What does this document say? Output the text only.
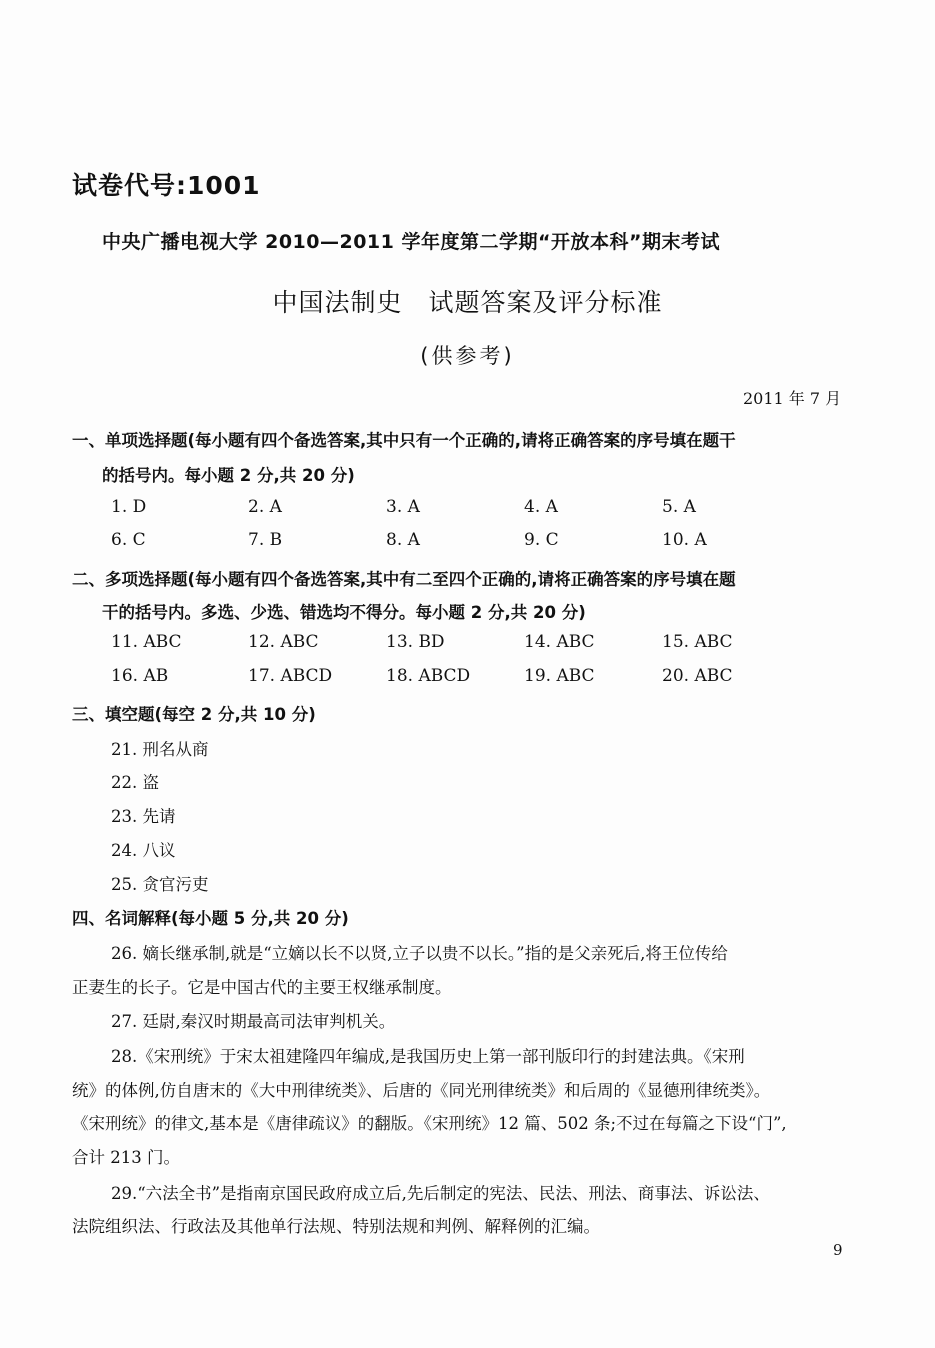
试卷代号:1001
中央广播电视大学 2010—2011 学年度第二学期“开放本科”期末考试
中国法制史　试题答案及评分标准
(供参考)
2011 年 7 月
一、单项选择题(每小题有四个备选答案,其中只有一个正确的,请将正确答案的序号填在题干
的括号内。每小题 2 分,共 20 分)
1. D	2. A	3. A	4. A	5. A
6. C	7. B	8. A	9. C	10. A
二、多项选择题(每小题有四个备选答案,其中有二至四个正确的,请将正确答案的序号填在题
干的括号内。多选、少选、错选均不得分。每小题 2 分,共 20 分)
11. ABC	12. ABC	13. BD	14. ABC	15. ABC
16. AB	17. ABCD	18. ABCD	19. ABC	20. ABC
三、填空题(每空 2 分,共 10 分)
21. 刑名从商
22. 盗
23. 先请
24. 八议
25. 贪官污吏
四、名词解释(每小题 5 分,共 20 分)
26. 嫡长继承制,就是“立嫡以长不以贤,立子以贵不以长。”指的是父亲死后,将王位传给
正妻生的长子。它是中国古代的主要王权继承制度。
27. 廷尉,秦汉时期最高司法审判机关。
28.《宋刑统》于宋太祖建隆四年编成,是我国历史上第一部刊版印行的封建法典。《宋刑
统》的体例,仿自唐末的《大中刑律统类》、后唐的《同光刑律统类》和后周的《显德刑律统类》。
《宋刑统》的律文,基本是《唐律疏议》的翻版。《宋刑统》12 篇、502 条;不过在每篇之下设“门”,
合计 213 门。
29.“六法全书”是指南京国民政府成立后,先后制定的宪法、民法、刑法、商事法、诉讼法、
法院组织法、行政法及其他单行法规、特别法规和判例、解释例的汇编。
9
